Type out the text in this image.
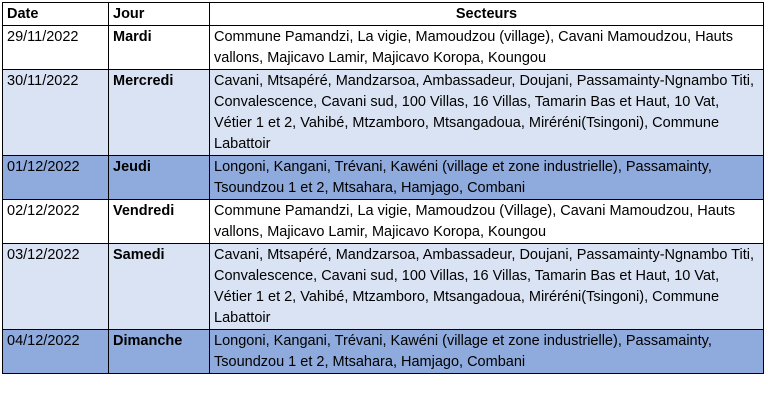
Date	Jour	Secteurs
29/11/2022	Mardi	Commune Pamandzi, La vigie, Mamoudzou (village), Cavani Mamoudzou, Hauts vallons, Majicavo Lamir, Majicavo Koropa, Koungou
30/11/2022	Mercredi	Cavani, Mtsapéré, Mandzarsoa, Ambassadeur, Doujani, Passamainty-Ngnambo Titi, Convalescence, Cavani sud, 100 Villas, 16 Villas, Tamarin Bas et Haut, 10 Vat, Vétier 1 et 2, Vahibé, Mtzamboro, Mtsangadoua, Miréréni(Tsingoni), Commune Labattoir
01/12/2022	Jeudi	Longoni, Kangani, Trévani, Kawéni (village et zone industrielle), Passamainty, Tsoundzou 1 et 2, Mtsahara, Hamjago, Combani
02/12/2022	Vendredi	Commune Pamandzi, La vigie, Mamoudzou (Village), Cavani Mamoudzou, Hauts vallons, Majicavo Lamir, Majicavo Koropa, Koungou
03/12/2022	Samedi	Cavani, Mtsapéré, Mandzarsoa, Ambassadeur, Doujani, Passamainty-Ngnambo Titi, Convalescence, Cavani sud, 100 Villas, 16 Villas, Tamarin Bas et Haut, 10 Vat, Vétier 1 et 2, Vahibé, Mtzamboro, Mtsangadoua, Miréréni(Tsingoni), Commune Labattoir
04/12/2022	Dimanche	Longoni, Kangani, Trévani, Kawéni (village et zone industrielle), Passamainty, Tsoundzou 1 et 2, Mtsahara, Hamjago, Combani
